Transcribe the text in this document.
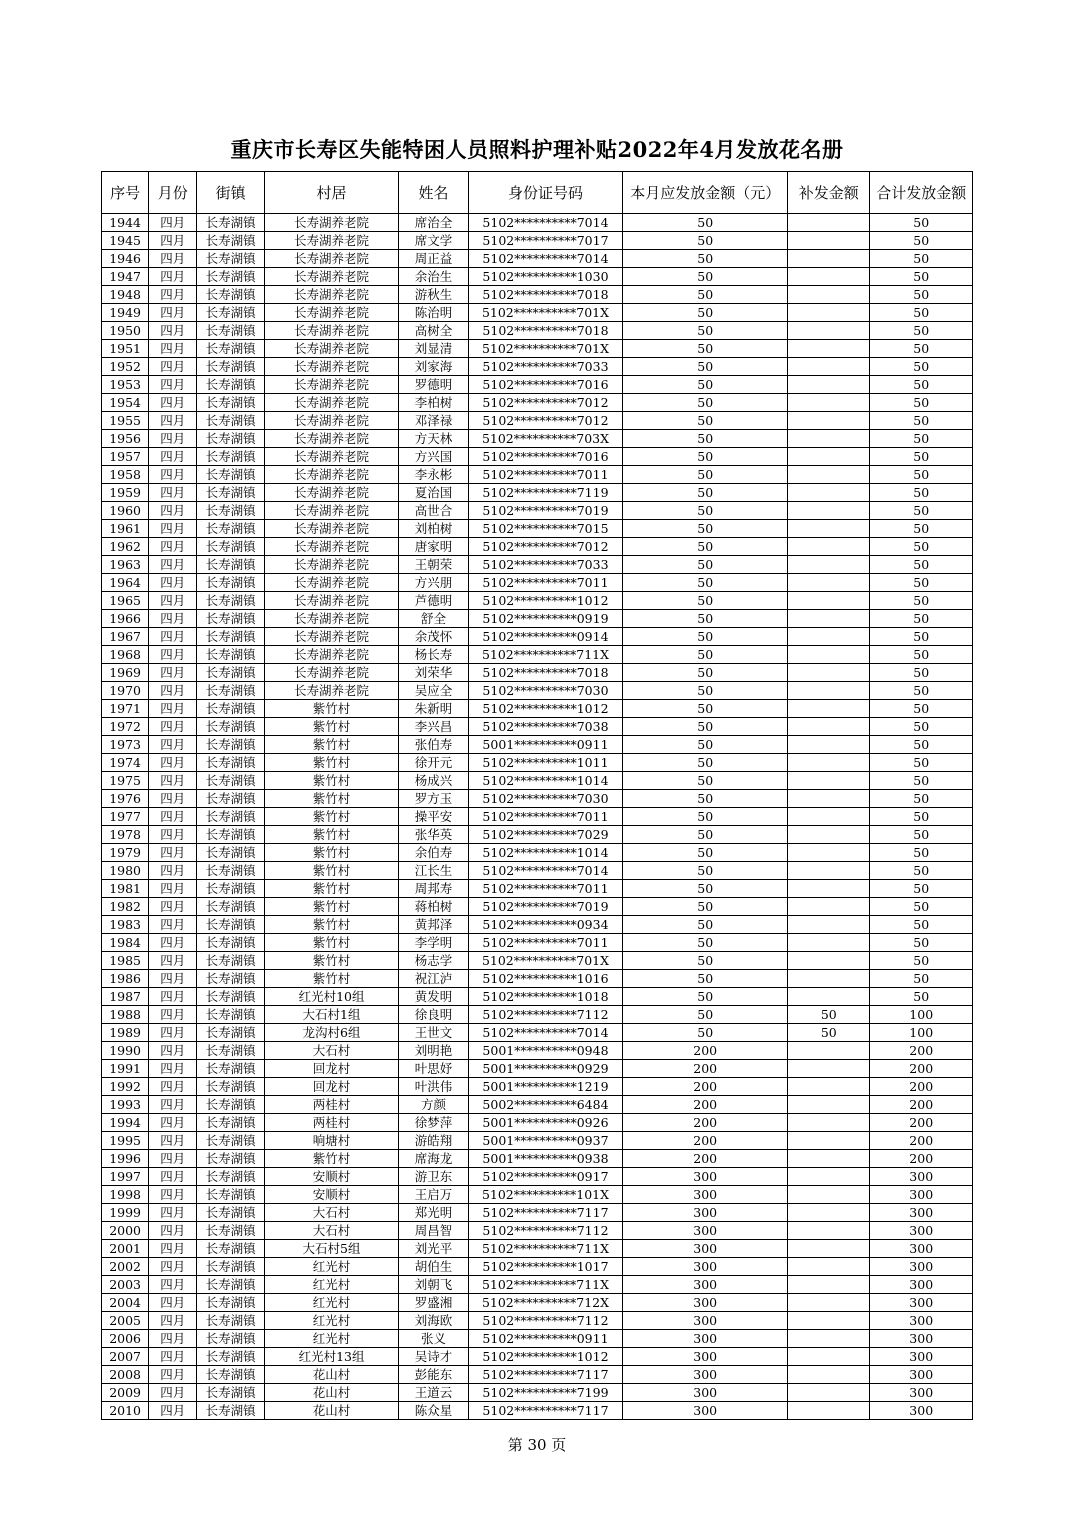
重庆市长寿区失能特困人员照料护理补贴2022年4月发放花名册
序号	月份	街镇	村居	姓名	身份证号码	本月应发放金额（元）	补发金额	合计发放金额
1944	四月	长寿湖镇	长寿湖养老院	席治全	5102**********7014	50		50
1945	四月	长寿湖镇	长寿湖养老院	席文学	5102**********7017	50		50
1946	四月	长寿湖镇	长寿湖养老院	周正益	5102**********7014	50		50
1947	四月	长寿湖镇	长寿湖养老院	余治生	5102**********1030	50		50
1948	四月	长寿湖镇	长寿湖养老院	游秋生	5102**********7018	50		50
1949	四月	长寿湖镇	长寿湖养老院	陈治明	5102**********701X	50		50
1950	四月	长寿湖镇	长寿湖养老院	高树全	5102**********7018	50		50
1951	四月	长寿湖镇	长寿湖养老院	刘显清	5102**********701X	50		50
1952	四月	长寿湖镇	长寿湖养老院	刘家海	5102**********7033	50		50
1953	四月	长寿湖镇	长寿湖养老院	罗德明	5102**********7016	50		50
1954	四月	长寿湖镇	长寿湖养老院	李柏树	5102**********7012	50		50
1955	四月	长寿湖镇	长寿湖养老院	邓泽禄	5102**********7012	50		50
1956	四月	长寿湖镇	长寿湖养老院	方天林	5102**********703X	50		50
1957	四月	长寿湖镇	长寿湖养老院	方兴国	5102**********7016	50		50
1958	四月	长寿湖镇	长寿湖养老院	李永彬	5102**********7011	50		50
1959	四月	长寿湖镇	长寿湖养老院	夏治国	5102**********7119	50		50
1960	四月	长寿湖镇	长寿湖养老院	高世合	5102**********7019	50		50
1961	四月	长寿湖镇	长寿湖养老院	刘柏树	5102**********7015	50		50
1962	四月	长寿湖镇	长寿湖养老院	唐家明	5102**********7012	50		50
1963	四月	长寿湖镇	长寿湖养老院	王朝荣	5102**********7033	50		50
1964	四月	长寿湖镇	长寿湖养老院	方兴朋	5102**********7011	50		50
1965	四月	长寿湖镇	长寿湖养老院	芦德明	5102**********1012	50		50
1966	四月	长寿湖镇	长寿湖养老院	舒全	5102**********0919	50		50
1967	四月	长寿湖镇	长寿湖养老院	余茂怀	5102**********0914	50		50
1968	四月	长寿湖镇	长寿湖养老院	杨长寿	5102**********711X	50		50
1969	四月	长寿湖镇	长寿湖养老院	刘荣华	5102**********7018	50		50
1970	四月	长寿湖镇	长寿湖养老院	吴应全	5102**********7030	50		50
1971	四月	长寿湖镇	紫竹村	朱新明	5102**********1012	50		50
1972	四月	长寿湖镇	紫竹村	李兴昌	5102**********7038	50		50
1973	四月	长寿湖镇	紫竹村	张伯寿	5001**********0911	50		50
1974	四月	长寿湖镇	紫竹村	徐开元	5102**********1011	50		50
1975	四月	长寿湖镇	紫竹村	杨成兴	5102**********1014	50		50
1976	四月	长寿湖镇	紫竹村	罗方玉	5102**********7030	50		50
1977	四月	长寿湖镇	紫竹村	操平安	5102**********7011	50		50
1978	四月	长寿湖镇	紫竹村	张华英	5102**********7029	50		50
1979	四月	长寿湖镇	紫竹村	余伯寿	5102**********1014	50		50
1980	四月	长寿湖镇	紫竹村	江长生	5102**********7014	50		50
1981	四月	长寿湖镇	紫竹村	周邦寿	5102**********7011	50		50
1982	四月	长寿湖镇	紫竹村	蒋柏树	5102**********7019	50		50
1983	四月	长寿湖镇	紫竹村	黄邦泽	5102**********0934	50		50
1984	四月	长寿湖镇	紫竹村	李学明	5102**********7011	50		50
1985	四月	长寿湖镇	紫竹村	杨志学	5102**********701X	50		50
1986	四月	长寿湖镇	紫竹村	祝江泸	5102**********1016	50		50
1987	四月	长寿湖镇	红光村10组	黄发明	5102**********1018	50		50
1988	四月	长寿湖镇	大石村1组	徐良明	5102**********7112	50	50	100
1989	四月	长寿湖镇	龙沟村6组	王世文	5102**********7014	50	50	100
1990	四月	长寿湖镇	大石村	刘明艳	5001**********0948	200		200
1991	四月	长寿湖镇	回龙村	叶思妤	5001**********0929	200		200
1992	四月	长寿湖镇	回龙村	叶洪伟	5001**********1219	200		200
1993	四月	长寿湖镇	两桂村	方颜	5002**********6484	200		200
1994	四月	长寿湖镇	两桂村	徐梦萍	5001**********0926	200		200
1995	四月	长寿湖镇	响塘村	游皓翔	5001**********0937	200		200
1996	四月	长寿湖镇	紫竹村	席海龙	5001**********0938	200		200
1997	四月	长寿湖镇	安顺村	游卫东	5102**********0917	300		300
1998	四月	长寿湖镇	安顺村	王启万	5102**********101X	300		300
1999	四月	长寿湖镇	大石村	郑光明	5102**********7117	300		300
2000	四月	长寿湖镇	大石村	周昌智	5102**********7112	300		300
2001	四月	长寿湖镇	大石村5组	刘光平	5102**********711X	300		300
2002	四月	长寿湖镇	红光村	胡伯生	5102**********1017	300		300
2003	四月	长寿湖镇	红光村	刘朝飞	5102**********711X	300		300
2004	四月	长寿湖镇	红光村	罗盛湘	5102**********712X	300		300
2005	四月	长寿湖镇	红光村	刘海欧	5102**********7112	300		300
2006	四月	长寿湖镇	红光村	张义	5102**********0911	300		300
2007	四月	长寿湖镇	红光村13组	吴诗才	5102**********1012	300		300
2008	四月	长寿湖镇	花山村	彭能东	5102**********7117	300		300
2009	四月	长寿湖镇	花山村	王道云	5102**********7199	300		300
2010	四月	长寿湖镇	花山村	陈众星	5102**********7117	300		300
第 30 页
